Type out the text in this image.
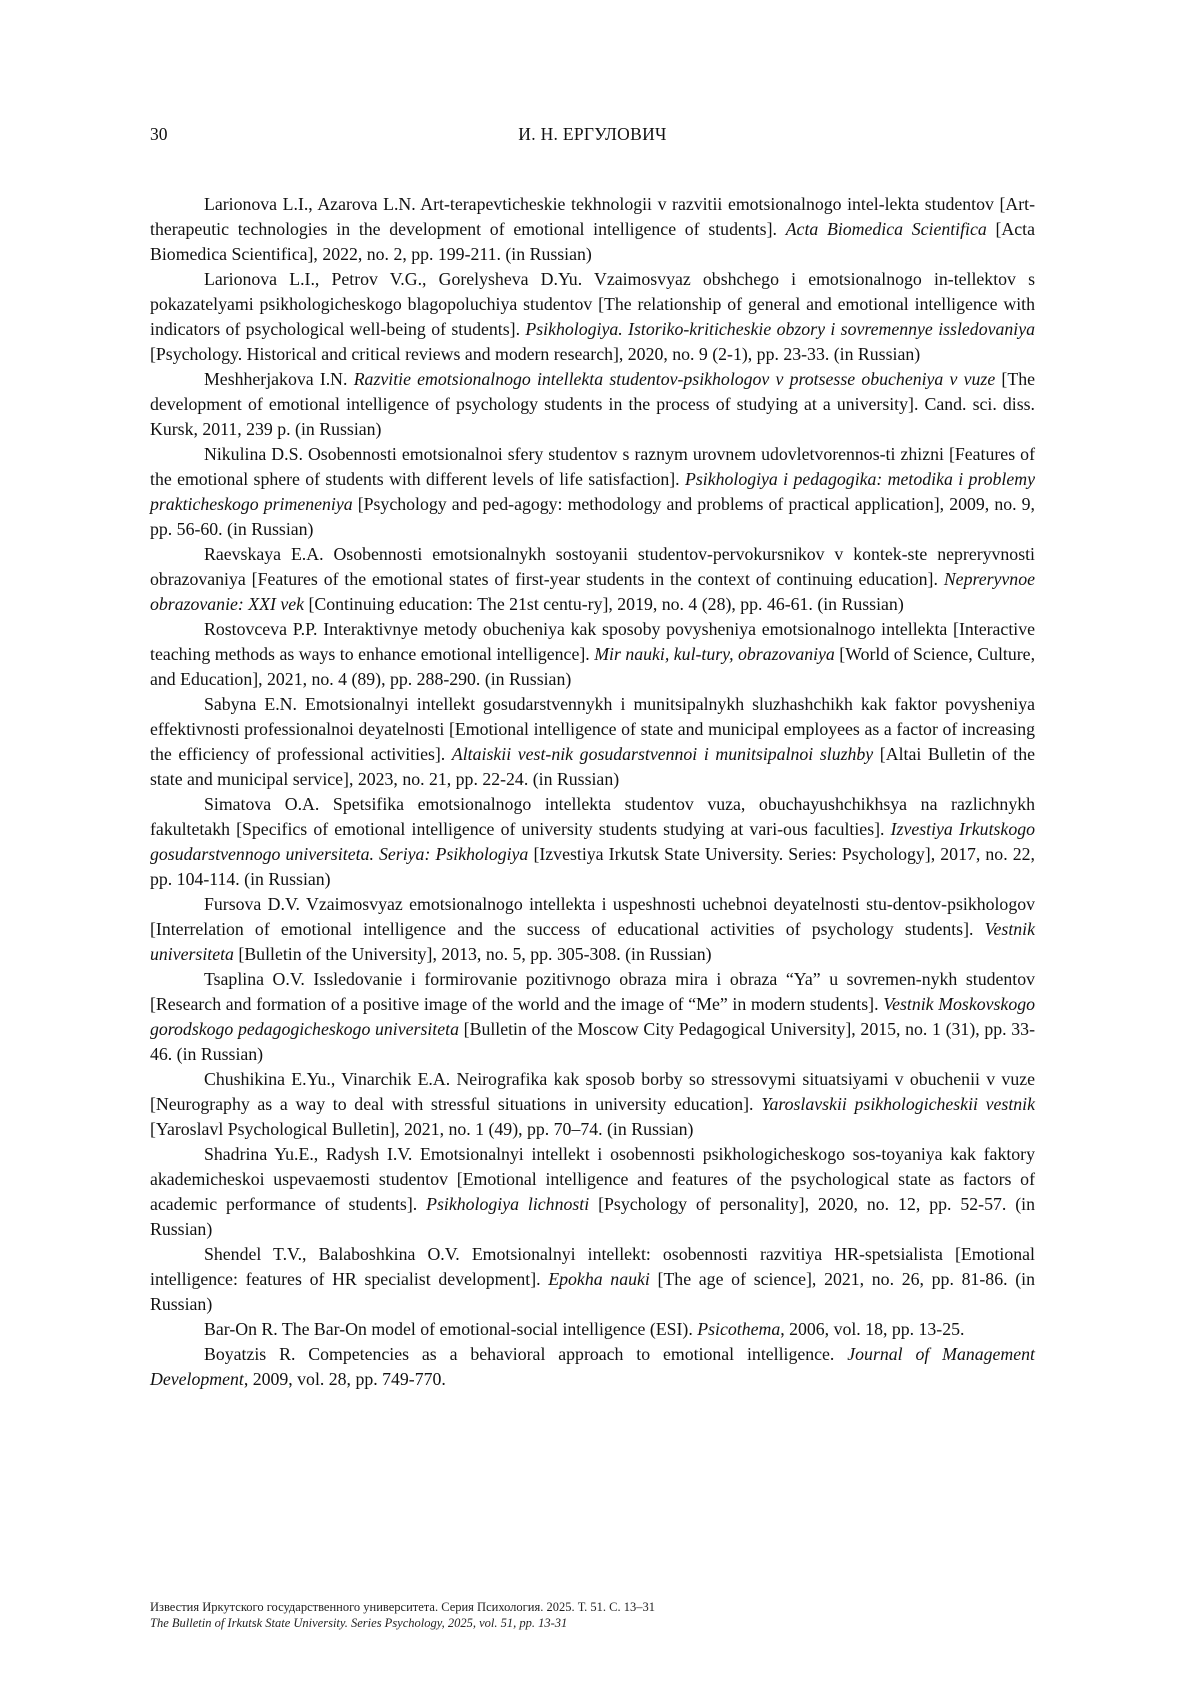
30	И. Н. ЕРГУЛОВИЧ

Larionova L.I., Azarova L.N. Art-terapevticheskie tekhnologii v razvitii emotsionalnogo intel-lekta studentov [Art-therapeutic technologies in the development of emotional intelligence of students]. Acta Biomedica Scientifica [Acta Biomedica Scientifica], 2022, no. 2, pp. 199-211. (in Russian)

Larionova L.I., Petrov V.G., Gorelysheva D.Yu. Vzaimosvyaz obshchego i emotsionalnogo in-tellektov s pokazatelyami psikhologicheskogo blagopoluchiya studentov [The relationship of general and emotional intelligence with indicators of psychological well-being of students]. Psikhologiya. Istoriko-kriticheskie obzory i sovremennye issledovaniya [Psychology. Historical and critical reviews and modern research], 2020, no. 9 (2-1), pp. 23-33. (in Russian)

Meshherjakova I.N. Razvitie emotsionalnogo intellekta studentov-psikhologov v protsesse obucheniya v vuze [The development of emotional intelligence of psychology students in the process of studying at a university]. Cand. sci. diss. Kursk, 2011, 239 p. (in Russian)

Nikulina D.S. Osobennosti emotsionalnoi sfery studentov s raznym urovnem udovletvorennos-ti zhizni [Features of the emotional sphere of students with different levels of life satisfaction]. Psikhologiya i pedagogika: metodika i problemy prakticheskogo primeneniya [Psychology and ped-agogy: methodology and problems of practical application], 2009, no. 9, pp. 56-60. (in Russian)

Raevskaya E.A. Osobennosti emotsionalnykh sostoyanii studentov-pervokursnikov v kontek-ste nepreryvnosti obrazovaniya [Features of the emotional states of first-year students in the context of continuing education]. Nepreryvnoe obrazovanie: XXI vek [Continuing education: The 21st centu-ry], 2019, no. 4 (28), pp. 46-61. (in Russian)

Rostovceva P.P. Interaktivnye metody obucheniya kak sposoby povysheniya emotsionalnogo intellekta [Interactive teaching methods as ways to enhance emotional intelligence]. Mir nauki, kul-tury, obrazovaniya [World of Science, Culture, and Education], 2021, no. 4 (89), pp. 288-290. (in Russian)

Sabyna E.N. Emotsionalnyi intellekt gosudarstvennykh i munitsipalnykh sluzhashchikh kak faktor povysheniya effektivnosti professionalnoi deyatelnosti [Emotional intelligence of state and municipal employees as a factor of increasing the efficiency of professional activities]. Altaiskii vest-nik gosudarstvennoi i munitsipalnoi sluzhby [Altai Bulletin of the state and municipal service], 2023, no. 21, pp. 22-24. (in Russian)

Simatova O.A. Spetsifika emotsionalnogo intellekta studentov vuza, obuchayushchikhsya na razlichnykh fakultetakh [Specifics of emotional intelligence of university students studying at vari-ous faculties]. Izvestiya Irkutskogo gosudarstvennogo universiteta. Seriya: Psikhologiya [Izvestiya Irkutsk State University. Series: Psychology], 2017, no. 22, pp. 104-114. (in Russian)

Fursova D.V. Vzaimosvyaz emotsionalnogo intellekta i uspeshnosti uchebnoi deyatelnosti stu-dentov-psikhologov [Interrelation of emotional intelligence and the success of educational activities of psychology students]. Vestnik universiteta [Bulletin of the University], 2013, no. 5, pp. 305-308. (in Russian)

Tsaplina O.V. Issledovanie i formirovanie pozitivnogo obraza mira i obraza “Ya” u sovremen-nykh studentov [Research and formation of a positive image of the world and the image of “Me” in modern students]. Vestnik Moskovskogo gorodskogo pedagogicheskogo universiteta [Bulletin of the Moscow City Pedagogical University], 2015, no. 1 (31), pp. 33-46. (in Russian)

Chushikina E.Yu., Vinarchik E.A. Neirografika kak sposob borby so stressovymi situatsiyami v obuchenii v vuze [Neurography as a way to deal with stressful situations in university education]. Yaroslavskii psikhologicheskii vestnik [Yaroslavl Psychological Bulletin], 2021, no. 1 (49), pp. 70–​74. (in Russian)

Shadrina Yu.E., Radysh I.V. Emotsionalnyi intellekt i osobennosti psikhologicheskogo sos-toyaniya kak faktory akademicheskoi uspevaemosti studentov [Emotional intelligence and features of the psychological state as factors of academic performance of students]. Psikhologiya lichnosti [Psychology of personality], 2020, no. 12, pp. 52-57. (in Russian)

Shendel T.V., Balaboshkina O.V. Emotsionalnyi intellekt: osobennosti razvitiya HR-​spetsialista [Emotional intelligence: features of HR specialist development]. Epokha nauki [The age of science], 2021, no. 26, pp. 81-86. (in Russian)

Bar-On R. The Bar-On model of emotional-social intelligence (ESI). Psicothema, 2006, vol. 18, pp. 13-25.

Boyatzis R. Competencies as a behavioral approach to emotional intelligence. Journal of Management Development, 2009, vol. 28, pp. 749-770.

Известия Иркутского государственного университета. Серия Психология. 2025. Т. 51. С. 13–31
The Bulletin of Irkutsk State University. Series Psychology, 2025, vol. 51, pp. 13-31
